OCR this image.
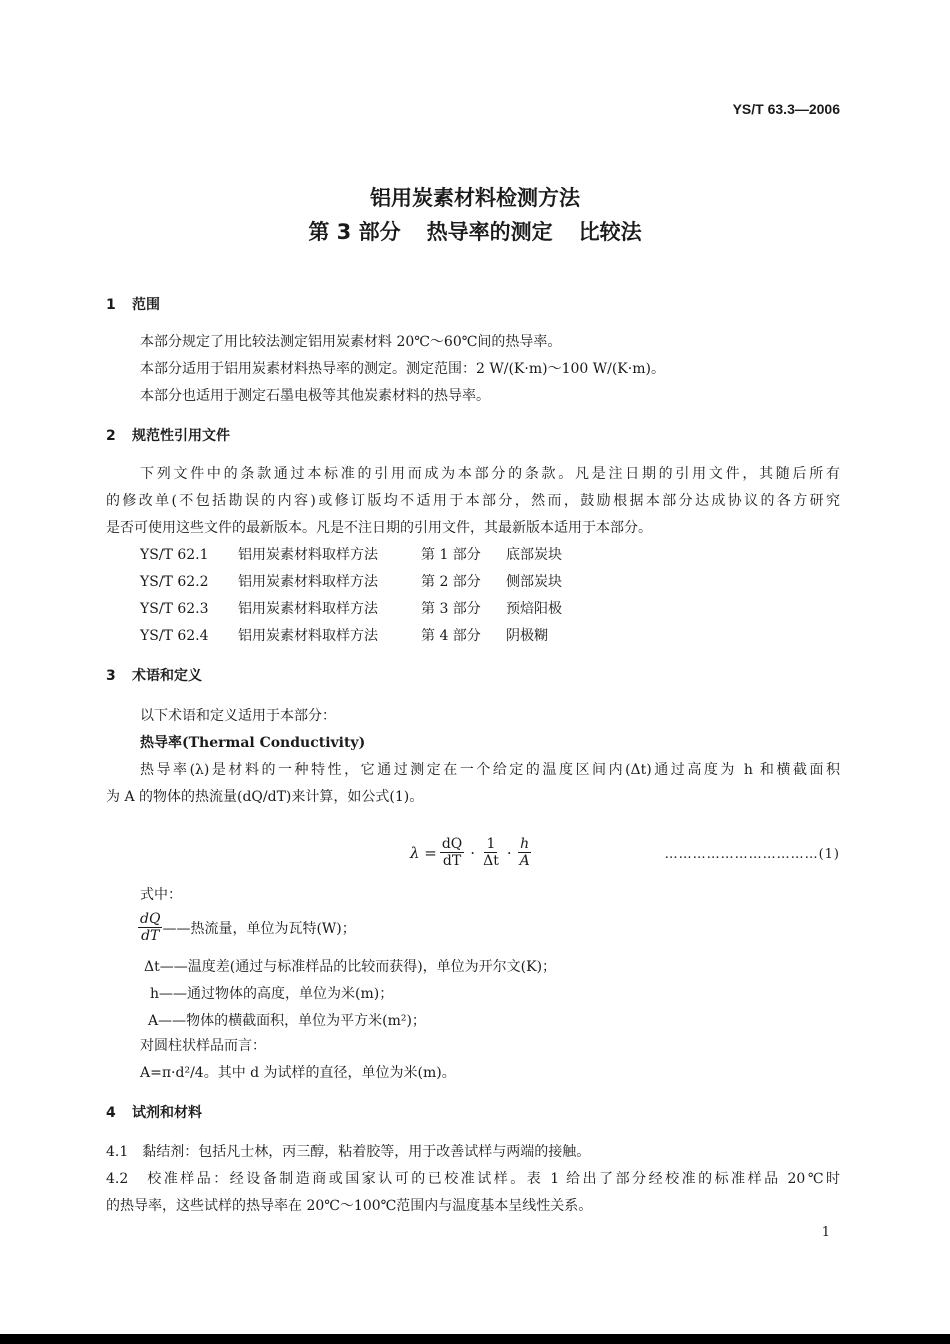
YS/T 63.3—2006
铝用炭素材料检测方法
第 3 部分 热导率的测定 比较法
1 范围
本部分规定了用比较法测定铝用炭素材料 20℃～60℃间的热导率。
本部分适用于铝用炭素材料热导率的测定。测定范围：2 W/(K·m)～100 W/(K·m)。
本部分也适用于测定石墨电极等其他炭素材料的热导率。
2 规范性引用文件
下列文件中的条款通过本标准的引用而成为本部分的条款。凡是注日期的引用文件，其随后所有
的修改单(不包括勘误的内容)或修订版均不适用于本部分，然而，鼓励根据本部分达成协议的各方研究
是否可使用这些文件的最新版本。凡是不注日期的引用文件，其最新版本适用于本部分。
YS/T 62.1 铝用炭素材料取样方法	第 1 部分 底部炭块
YS/T 62.2 铝用炭素材料取样方法	第 2 部分 侧部炭块
YS/T 62.3 铝用炭素材料取样方法	第 3 部分 预焙阳极
YS/T 62.4 铝用炭素材料取样方法	第 4 部分 阴极糊
3 术语和定义
以下术语和定义适用于本部分：
热导率(Thermal Conductivity)
热导率(λ)是材料的一种特性，它通过测定在一个给定的温度区间内(Δt)通过高度为 h 和横截面积
为 A 的物体的热流量(dQ/dT)来计算，如公式(1)。
$\lambda = \frac{dQ}{dT} \cdot \frac{1}{\Delta t} \cdot \frac{h}{A}$	……………………………(1)
式中：
$\frac{dQ}{dT}$ ——热流量，单位为瓦特(W)；
Δt——温度差(通过与标准样品的比较而获得)，单位为开尔文(K)；
h——通过物体的高度，单位为米(m)；
A——物体的横截面积，单位为平方米(m²)；
对圆柱状样品而言：
A=π·d²/4。其中 d 为试样的直径，单位为米(m)。
4 试剂和材料
4.1　黏结剂：包括凡士林，丙三醇，粘着胶等，用于改善试样与两端的接触。
4.2　校准样品：经设备制造商或国家认可的已校准试样。表 1 给出了部分经校准的标准样品 20℃时
的热导率，这些试样的热导率在 20℃～100℃范围内与温度基本呈线性关系。
1
